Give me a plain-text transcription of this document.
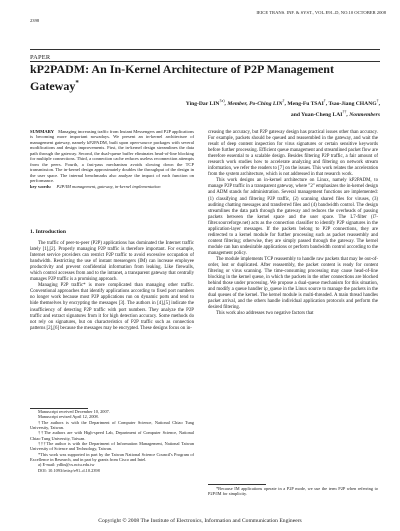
IEICE TRANS. INF. & SYST., VOL.E91–D, NO.10 OCTOBER 2008
2398
PAPER
kP2PADM: An In-Kernel Architecture of P2P Management Gateway*
Ying-Dar LIN$^{\dagger a)}$, Member, Po-Ching LIN†, Meng-Fu TSAI†, Tsao-Jiang CHANG†,
and Yuan-Cheng LAI††, Nonmembers

SUMMARY Managing increasing traffic from Instant Messengers and P2P applications is becoming more important nowadays. We present an in-kernel architecture of management gateway, namely kP2PADM, built upon open-source packages with several modifications and design improvements. First, the in-kernel design streamlines the data path through the gateway. Second, the dual-queue buffer eliminates head-of-line blocking for multiple connections. Third, a connection cache reduces useless reconnection attempts from the peers. Fourth, a fast-pass mechanism avoids slowing down the TCP transmission. The in-kernel design approximately doubles the throughput of the design in the user space. The internal benchmarks also analyze the impact of each function on performance.

key words: P2P/IM management, gateway, in-kernel implementation

1. Introduction

The traffic of peer-to-peer (P2P) applications has dominated the Internet traffic lately [1],[2]. Properly managing P2P traffic is therefore important. For example, Internet service providers can restrict P2P traffic to avoid excessive occupation of bandwidth. Restricting the use of instant messengers (IM) can increase employee productivity and prevent confidential information from leaking. Like firewalls, which control accesses from and to the intranet, a transparent gateway that centrally manages P2P traffic is a promising approach.

Managing P2P traffic* is more complicated than managing other traffic. Conventional approaches that identify applications according to fixed port numbers no longer work because most P2P applications run on dynamic ports and tend to hide themselves by encrypting the messages [3]. The authors in [4],[5] indicate the insufficiency of detecting P2P traffic with port numbers. They analyze the P2P traffic and extract signatures from it for high detection accuracy. Some methods do not rely on signatures, but on characteristics of P2P traffic such as connection patterns [2],[6] because the messages may be encrypted. These designs focus on in-

Manuscript received December 10, 2007.

Manuscript revised April 12, 2008.

†The authors is with the Department of Computer Science, National Chiao Tung University, Taiwan.

††The authors are with High-speed Lab, Department of Computer Science, National Chiao Tung University, Taiwan.

†††The author is with the Department of Information Management, National Taiwan University of Science and Technology, Taiwan.

*This work was supported in part by the Taiwan National Science Council's Program of Excellence in Research, and in part by grants from Cisco and Intel.

a) E-mail: ydlin@cs.nctu.edu.tw

DOI: 10.1093/ietisy/e91–d.10.2398

creasing the accuracy, but P2P gateway design has practical issues other than accuracy. For example, packets should be queued and reassembled in the gateway, and wait the result of deep content inspection for virus signatures or certain sensitive keywords before further processing. Efficient queue management and streamlined packet flow are therefore essential to a scalable design. Besides filtering P2P traffic, a fair amount of research work studies how to accelerate analyzing and filtering on network stream information, we refer the readers to [7] on the issues. This work relates the acceleration from the system architecture, which is not addressed in that research work.

This work designs an in-kernel architecture on Linux, namely kP2PADM, to manage P2P traffic in a transparent gateway, where "2" emphasizes the in-kernel design and ADM stands for administration. Several management functions are implemented: (1) classifying and filtering P2P traffic, (2) scanning shared files for viruses, (3) auditing chatting messages and transferred files and (4) bandwidth control. The design streamlines the data path through the gateway and reduces the overheads of passing packets between the kernel space and the user space. The L7-filter (l7-filter.sourceforge.net) acts as the connection classifier to identify P2P signatures in the application-layer messages. If the packets belong to P2P connections, they are redirected to a kernel module for further processing such as packet reassembly and content filtering; otherwise, they are simply passed through the gateway. The kernel module can ban undesirable applications or perform bandwidth control according to the management policy.

The module implements TCP reassembly to handle raw packets that may be out-of-order, lost or duplicated. After reassembly, the packet content is ready for content filtering or virus scanning. The time-consuming processing may cause head-of-line blocking in the kernel queue, in which the packets in the other connections are blocked behind those under processing. We propose a dual-queue mechanism for this situation, and modify a queue handler ip_queue in the Linux source to manage the packets in the dual queues of the kernel. The kernel module is multi-threaded. A main thread handles packet arrival, and the others handle individual application protocols and perform the desired filtering.

This work also addresses two negative factors that

*Because IM applications operate in a P2P mode, we use the term P2P when referring to P2P/IM for simplicity.

Copyright © 2008 The Institute of Electronics, Information and Communication Engineers
